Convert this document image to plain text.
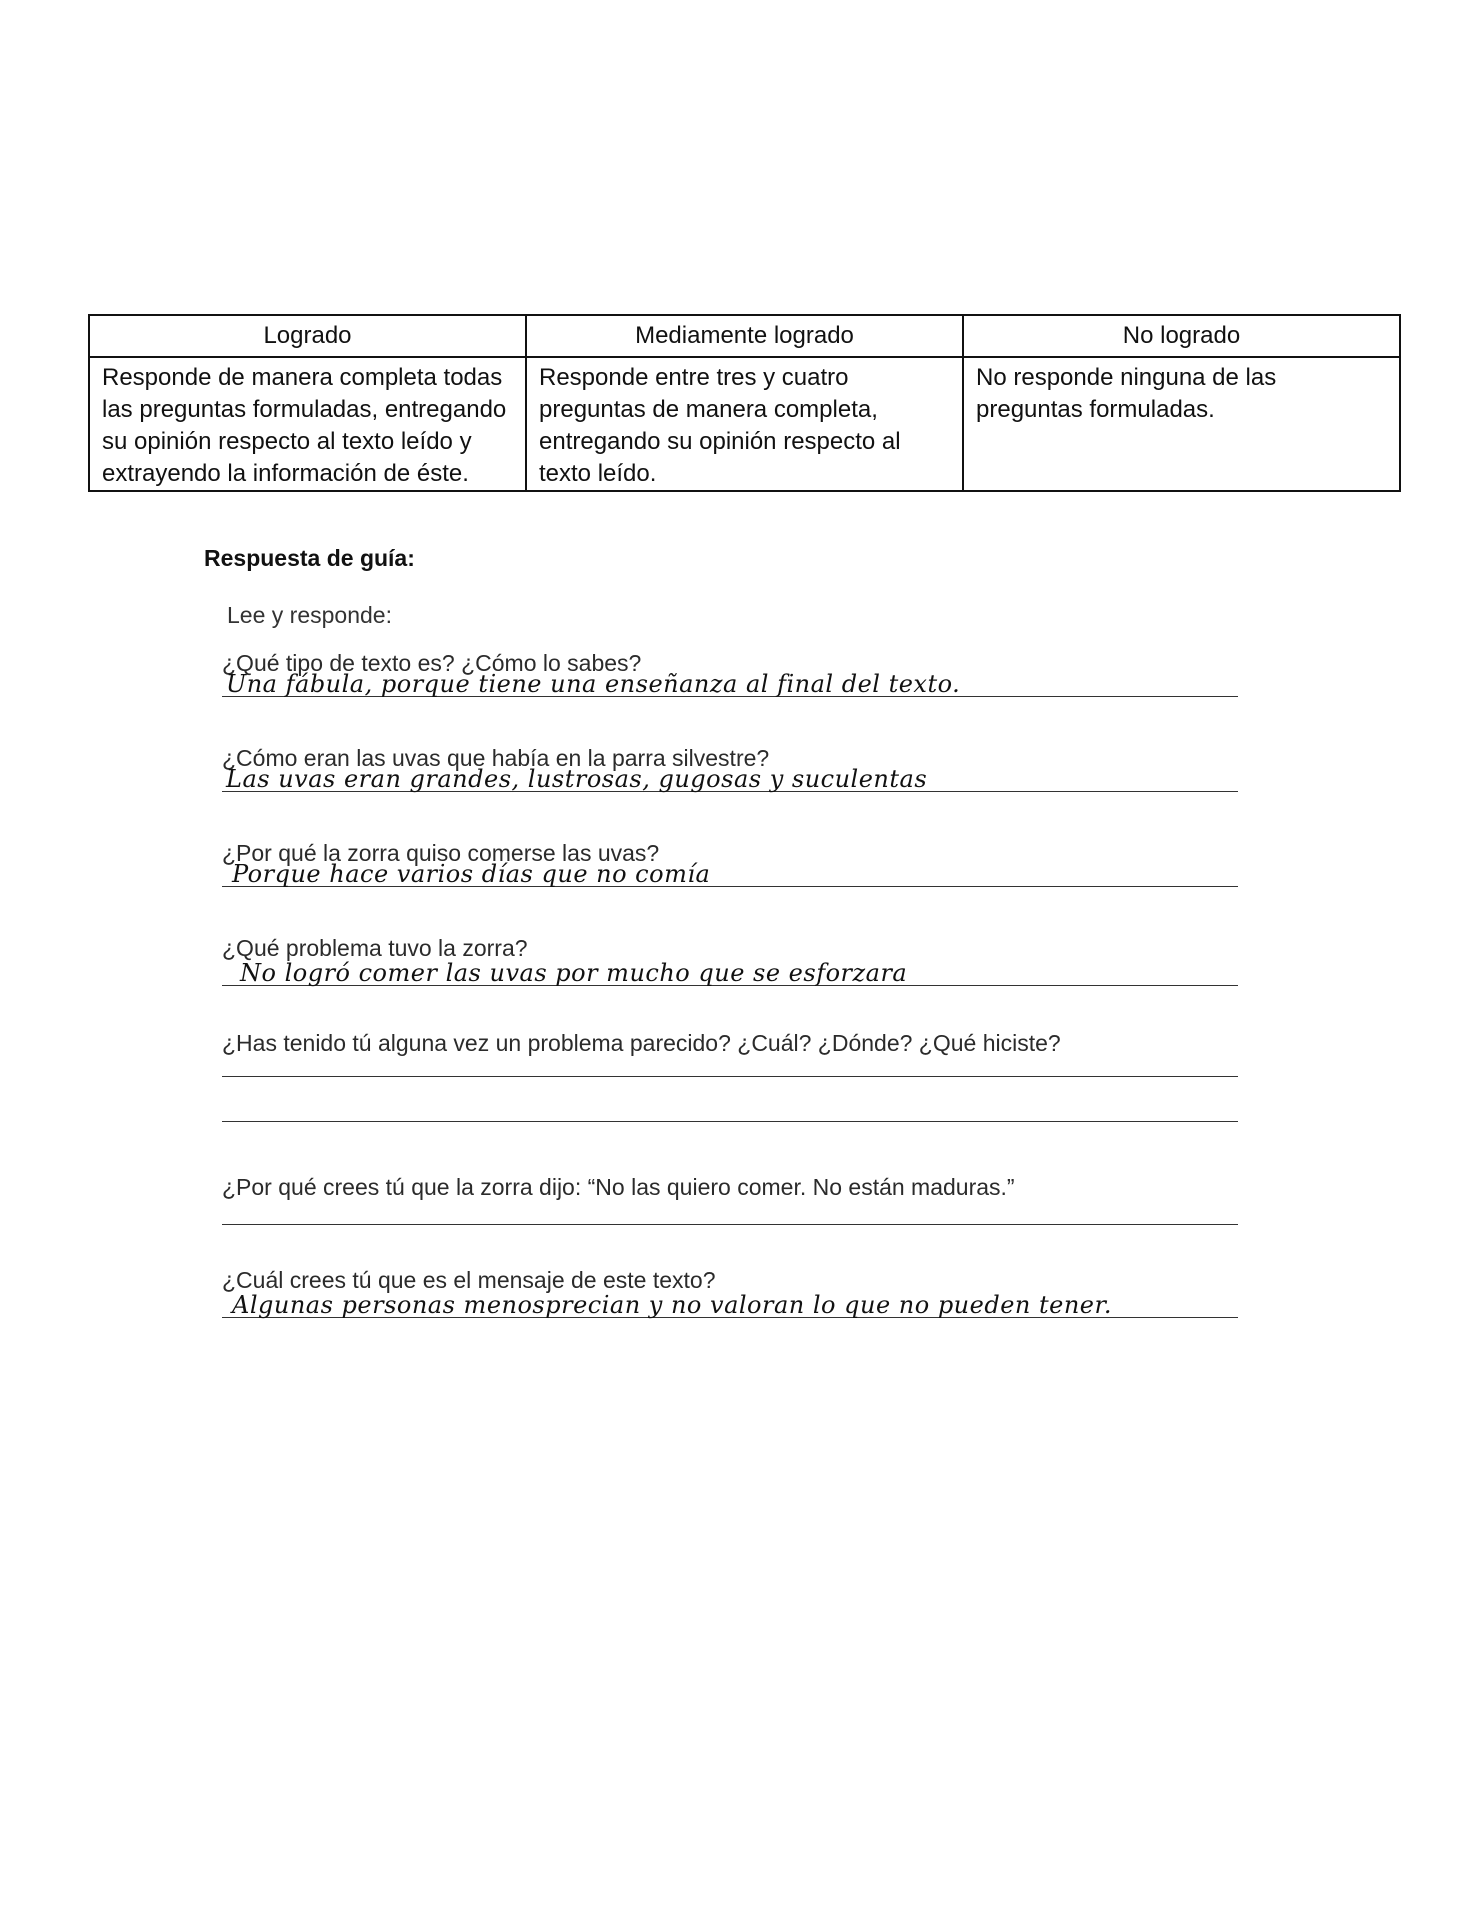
Logrado	Mediamente logrado	No logrado
Responde de manera completa todas las preguntas formuladas, entregando su opinión respecto al texto leído y extrayendo la información de éste.	Responde entre tres y cuatro preguntas de manera completa, entregando su opinión respecto al texto leído.	No responde ninguna de las preguntas formuladas.
Respuesta de guía:
Lee y responde:
¿Qué tipo de texto es? ¿Cómo lo sabes?
Una fábula, porque tiene una enseñanza al final del texto.
¿Cómo eran las uvas que había en la parra silvestre?
Las uvas eran grandes, lustrosas, gugosas y suculentas
¿Por qué la zorra quiso comerse las uvas?
Porque hace varios días que no comía
¿Qué problema tuvo la zorra?
No logró comer las uvas por mucho que se esforzara
¿Has tenido tú alguna vez un problema parecido? ¿Cuál? ¿Dónde? ¿Qué hiciste?
¿Por qué crees tú que la zorra dijo: “No las quiero comer. No están maduras.”
¿Cuál crees tú que es el mensaje de este texto?
Algunas personas menosprecian y no valoran lo que no pueden tener.
